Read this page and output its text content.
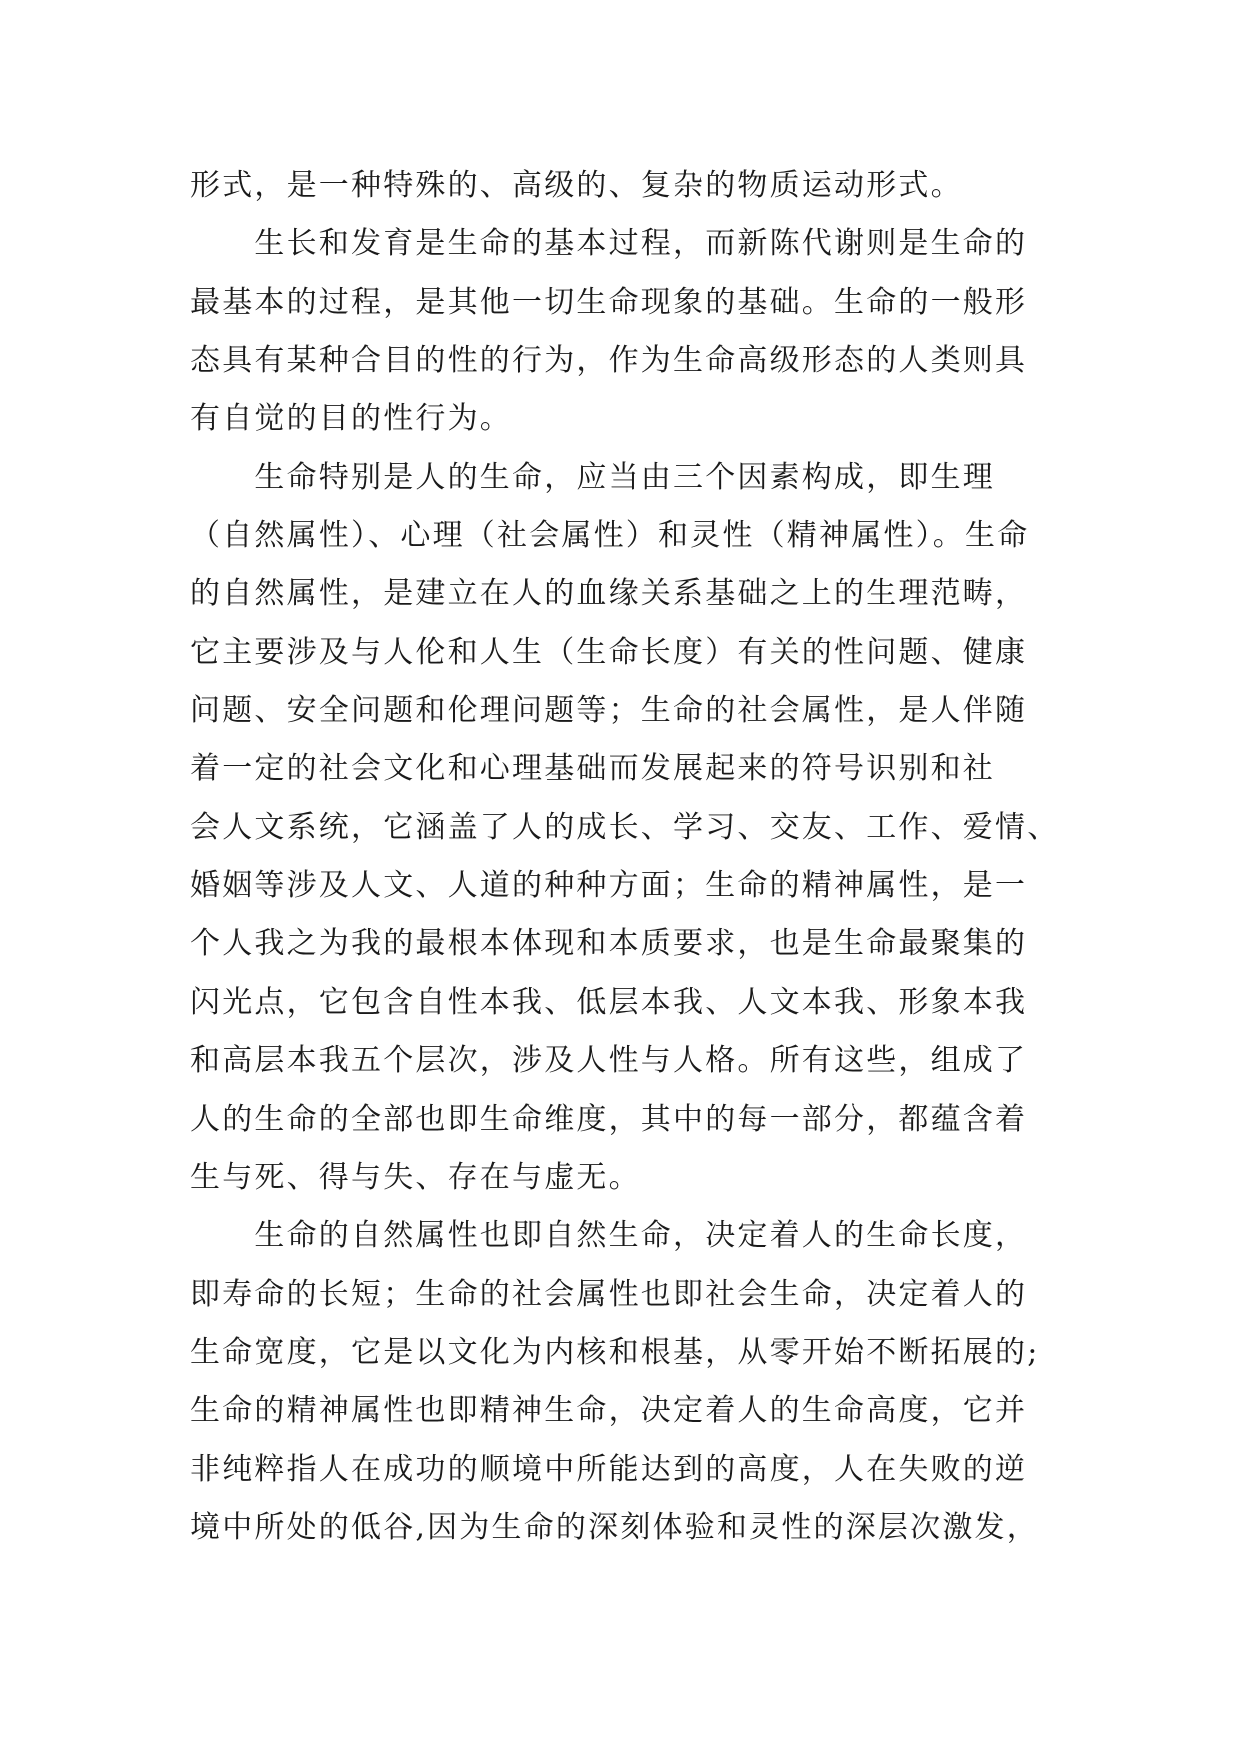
形式，是一种特殊的、高级的、复杂的物质运动形式。
　　生长和发育是生命的基本过程，而新陈代谢则是生命的
最基本的过程，是其他一切生命现象的基础。生命的一般形
态具有某种合目的性的行为，作为生命高级形态的人类则具
有自觉的目的性行为。
　　生命特别是人的生命，应当由三个因素构成，即生理
（自然属性）、心理（社会属性）和灵性（精神属性）。生命
的自然属性，是建立在人的血缘关系基础之上的生理范畴，
它主要涉及与人伦和人生（生命长度）有关的性问题、健康
问题、安全问题和伦理问题等；生命的社会属性，是人伴随
着一定的社会文化和心理基础而发展起来的符号识别和社
会人文系统，它涵盖了人的成长、学习、交友、工作、爱情、
婚姻等涉及人文、人道的种种方面；生命的精神属性，是一
个人我之为我的最根本体现和本质要求，也是生命最聚集的
闪光点，它包含自性本我、低层本我、人文本我、形象本我
和高层本我五个层次，涉及人性与人格。所有这些，组成了
人的生命的全部也即生命维度，其中的每一部分，都蕴含着
生与死、得与失、存在与虚无。
　　生命的自然属性也即自然生命，决定着人的生命长度，
即寿命的长短；生命的社会属性也即社会生命，决定着人的
生命宽度，它是以文化为内核和根基，从零开始不断拓展的;
生命的精神属性也即精神生命，决定着人的生命高度，它并
非纯粹指人在成功的顺境中所能达到的高度，人在失败的逆
境中所处的低谷,因为生命的深刻体验和灵性的深层次激发，
